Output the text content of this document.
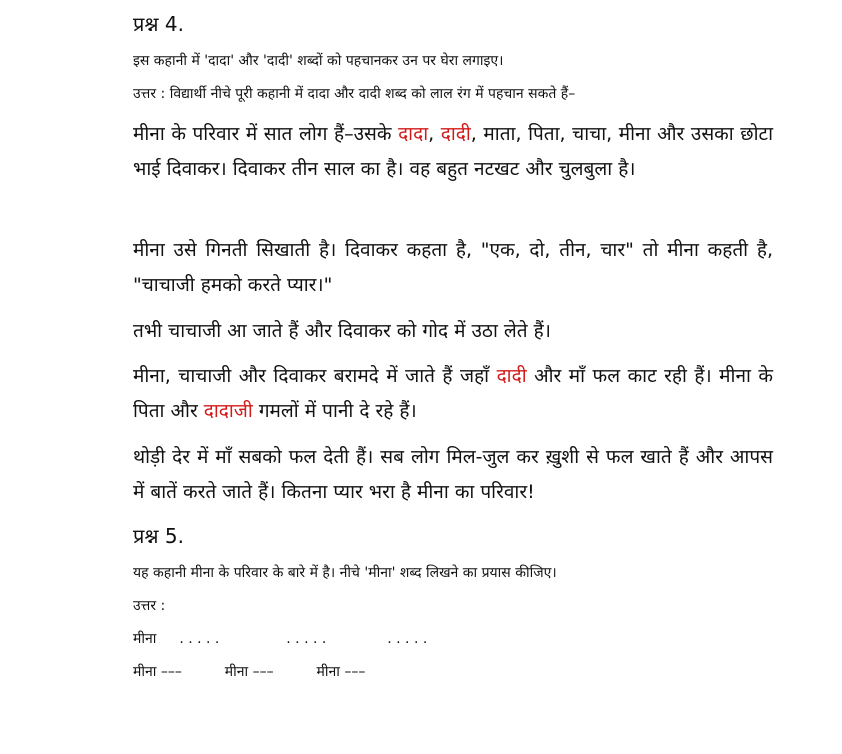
प्रश्न 4.

इस कहानी में 'दादा' और 'दादी' शब्दों को पहचानकर उन पर घेरा लगाइए।

उत्तर : विद्यार्थी नीचे पूरी कहानी में दादा और दादी शब्द को लाल रंग में पहचान सकते हैं–

मीना के परिवार में सात लोग हैं–उसके दादा, दादी, माता, पिता, चाचा, मीना और उसका छोटा भाई दिवाकर। दिवाकर तीन साल का है। वह बहुत नटखट और चुलबुला है।

मीना उसे गिनती सिखाती है। दिवाकर कहता है, "एक, दो, तीन, चार" तो मीना कहती है, "चाचाजी हमको करते प्यार।"

तभी चाचाजी आ जाते हैं और दिवाकर को गोद में उठा लेते हैं।

मीना, चाचाजी और दिवाकर बरामदे में जाते हैं जहाँ दादी और माँ फल काट रही हैं। मीना के पिता और दादाजी गमलों में पानी दे रहे हैं।

थोड़ी देर में माँ सबको फल देती हैं। सब लोग मिल-जुल कर ख़ुशी से फल खाते हैं और आपस में बातें करते जाते हैं। कितना प्यार भरा है मीना का परिवार!

प्रश्न 5.

यह कहानी मीना के परिवार के बारे में है। नीचे 'मीना' शब्द लिखने का प्रयास कीजिए।

उत्तर :

मीना . . . . .	. . . . .	. . . . .
मीना –––	मीना –––	मीना –––
